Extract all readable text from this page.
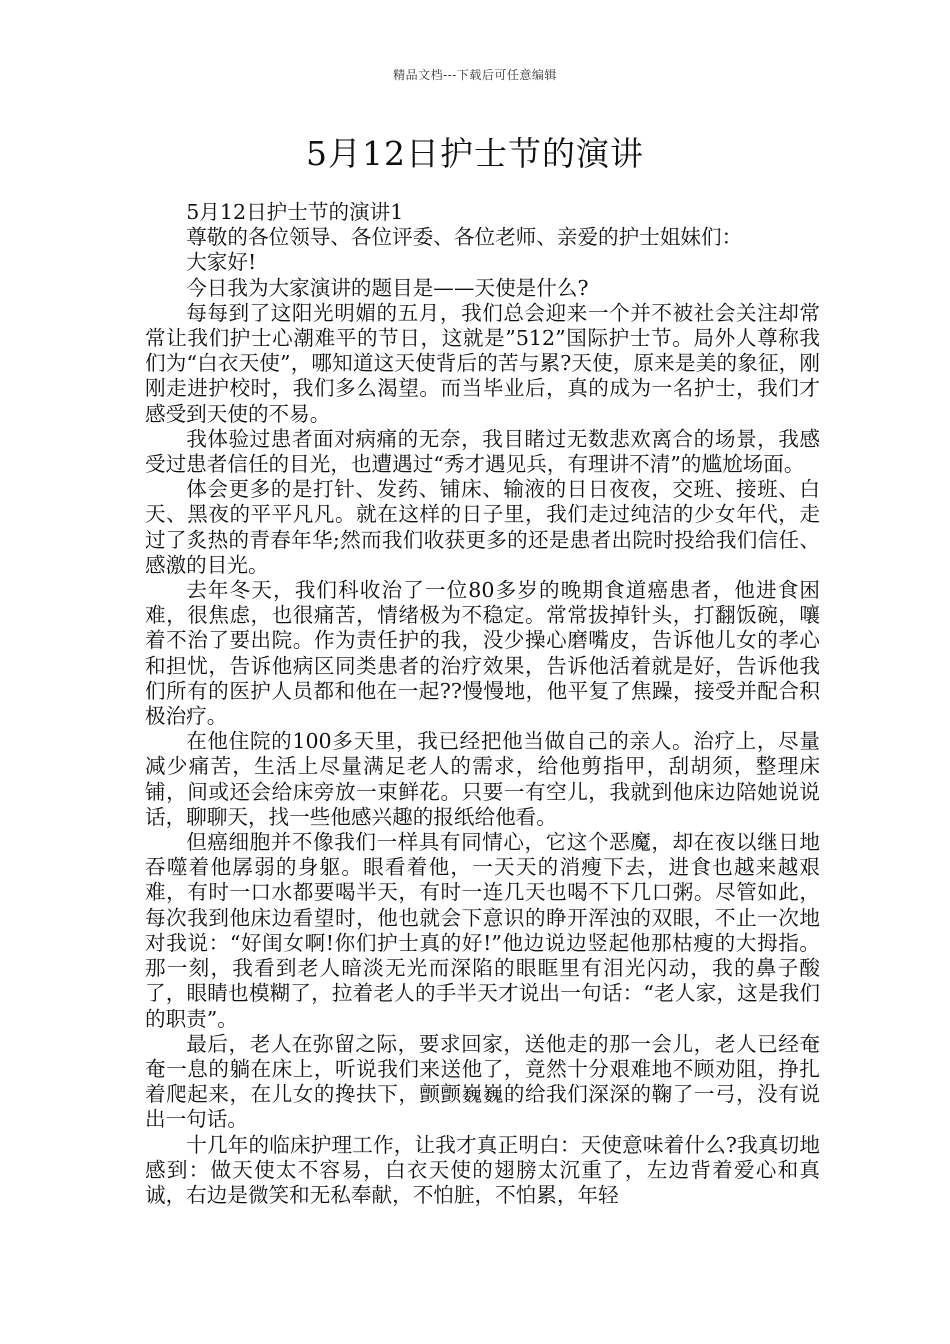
精品文档---下载后可任意编辑
5月12日护士节的演讲

5月12日护士节的演讲1

尊敬的各位领导、各位评委、各位老师、亲爱的护士姐妹们：

大家好!

今日我为大家演讲的题目是——天使是什么?

每每到了这阳光明媚的五月，我们总会迎来一个并不被社会关注却常常让我们护士心潮难平的节日，这就是”512”国际护士节。局外人尊称我们为“白衣天使”，哪知道这天使背后的苦与累?天使，原来是美的象征，刚刚走进护校时，我们多么渴望。而当毕业后，真的成为一名护士，我们才感受到天使的不易。

我体验过患者面对病痛的无奈，我目睹过无数悲欢离合的场景，我感受过患者信任的目光，也遭遇过“秀才遇见兵，有理讲不清”的尴尬场面。

体会更多的是打针、发药、铺床、输液的日日夜夜，交班、接班、白天、黑夜的平平凡凡。就在这样的日子里，我们走过纯洁的少女年代，走过了炙热的青春年华;然而我们收获更多的还是患者出院时投给我们信任、感激的目光。

去年冬天，我们科收治了一位80多岁的晚期食道癌患者，他进食困难，很焦虑，也很痛苦，情绪极为不稳定。常常拔掉针头，打翻饭碗，嚷着不治了要出院。作为责任护的我，没少操心磨嘴皮，告诉他儿女的孝心和担忧，告诉他病区同类患者的治疗效果，告诉他活着就是好，告诉他我们所有的医护人员都和他在一起??慢慢地，他平复了焦躁，接受并配合积极治疗。

在他住院的100多天里，我已经把他当做自己的亲人。治疗上，尽量减少痛苦，生活上尽量满足老人的需求，给他剪指甲，刮胡须，整理床铺，间或还会给床旁放一束鲜花。只要一有空儿，我就到他床边陪她说说话，聊聊天，找一些他感兴趣的报纸给他看。

但癌细胞并不像我们一样具有同情心，它这个恶魔，却在夜以继日地吞噬着他孱弱的身躯。眼看着他，一天天的消瘦下去，进食也越来越艰难，有时一口水都要喝半天，有时一连几天也喝不下几口粥。尽管如此，每次我到他床边看望时，他也就会下意识的睁开浑浊的双眼，不止一次地对我说：“好闺女啊!你们护士真的好!”他边说边竖起他那枯瘦的大拇指。那一刻，我看到老人暗淡无光而深陷的眼眶里有泪光闪动，我的鼻子酸了，眼睛也模糊了，拉着老人的手半天才说出一句话：“老人家，这是我们的职责”。

最后，老人在弥留之际，要求回家，送他走的那一会儿，老人已经奄奄一息的躺在床上，听说我们来送他了，竟然十分艰难地不顾劝阻，挣扎着爬起来，在儿女的搀扶下，颤颤巍巍的给我们深深的鞠了一弓，没有说出一句话。

十几年的临床护理工作，让我才真正明白：天使意味着什么?我真切地感到：做天使太不容易，白衣天使的翅膀太沉重了，左边背着爱心和真诚，右边是微笑和无私奉献，不怕脏，不怕累，年轻
